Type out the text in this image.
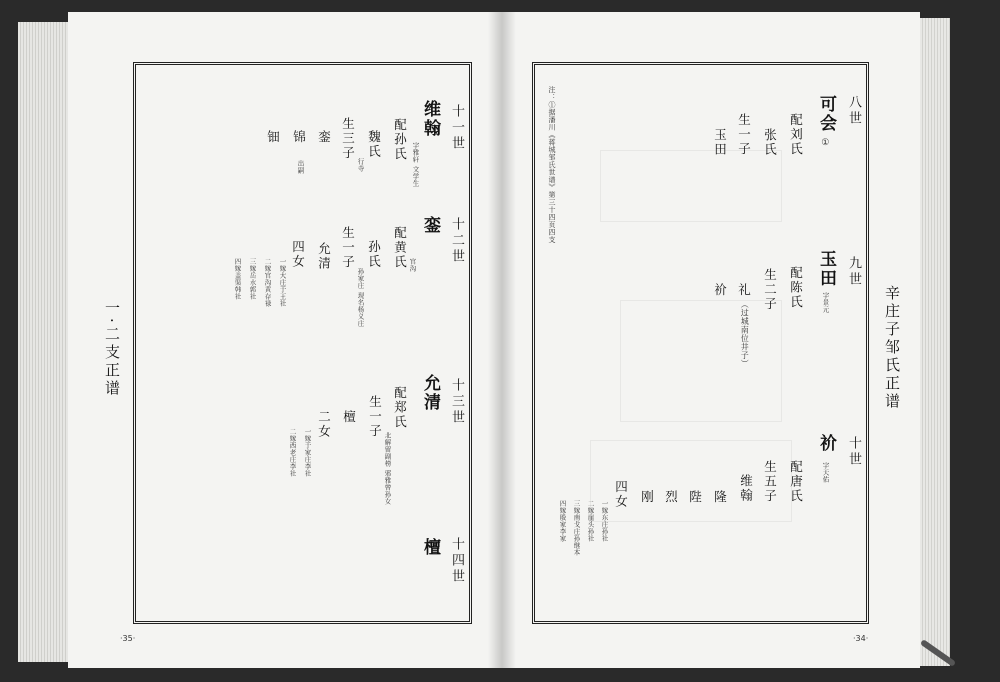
一·二支正谱	辛庄子邹氏正谱
·35·	·34·
十一世
十二世
十三世
十四世
维翰
字雅轩 文学生
配孙氏
魏氏
行寺
生三子
銮
锦
出嗣
钿
銮
配黄氏 官沟
孙氏
孙家庄 现名杨义庄
生一子
允清
四女
一嫁大庄于王社
二嫁官沟黄存禄
三嫁岳水郭社
四嫁盖渠韩社
允清
配郑氏
北解留副榜 邪雅曾孙女
生一子
檀
二女
一嫁于家庄李社
二嫁西老庄李社
檀
八世
九世
十世
注：①据潘川《蒋城邹氏世谱》第三十四页四支	可会
①
配刘氏
张氏
生一子
玉田
玉田
字景元
配陈氏
生二子
礼
（过城南位井子）
祄
祄
字天佑
配唐氏
生五子
维翰
隆
陛
烈
刚
四女
一嫁东庄孙社
二嫁崖头孙社
三嫁南戈庄孙继本
四嫁殷家李家
